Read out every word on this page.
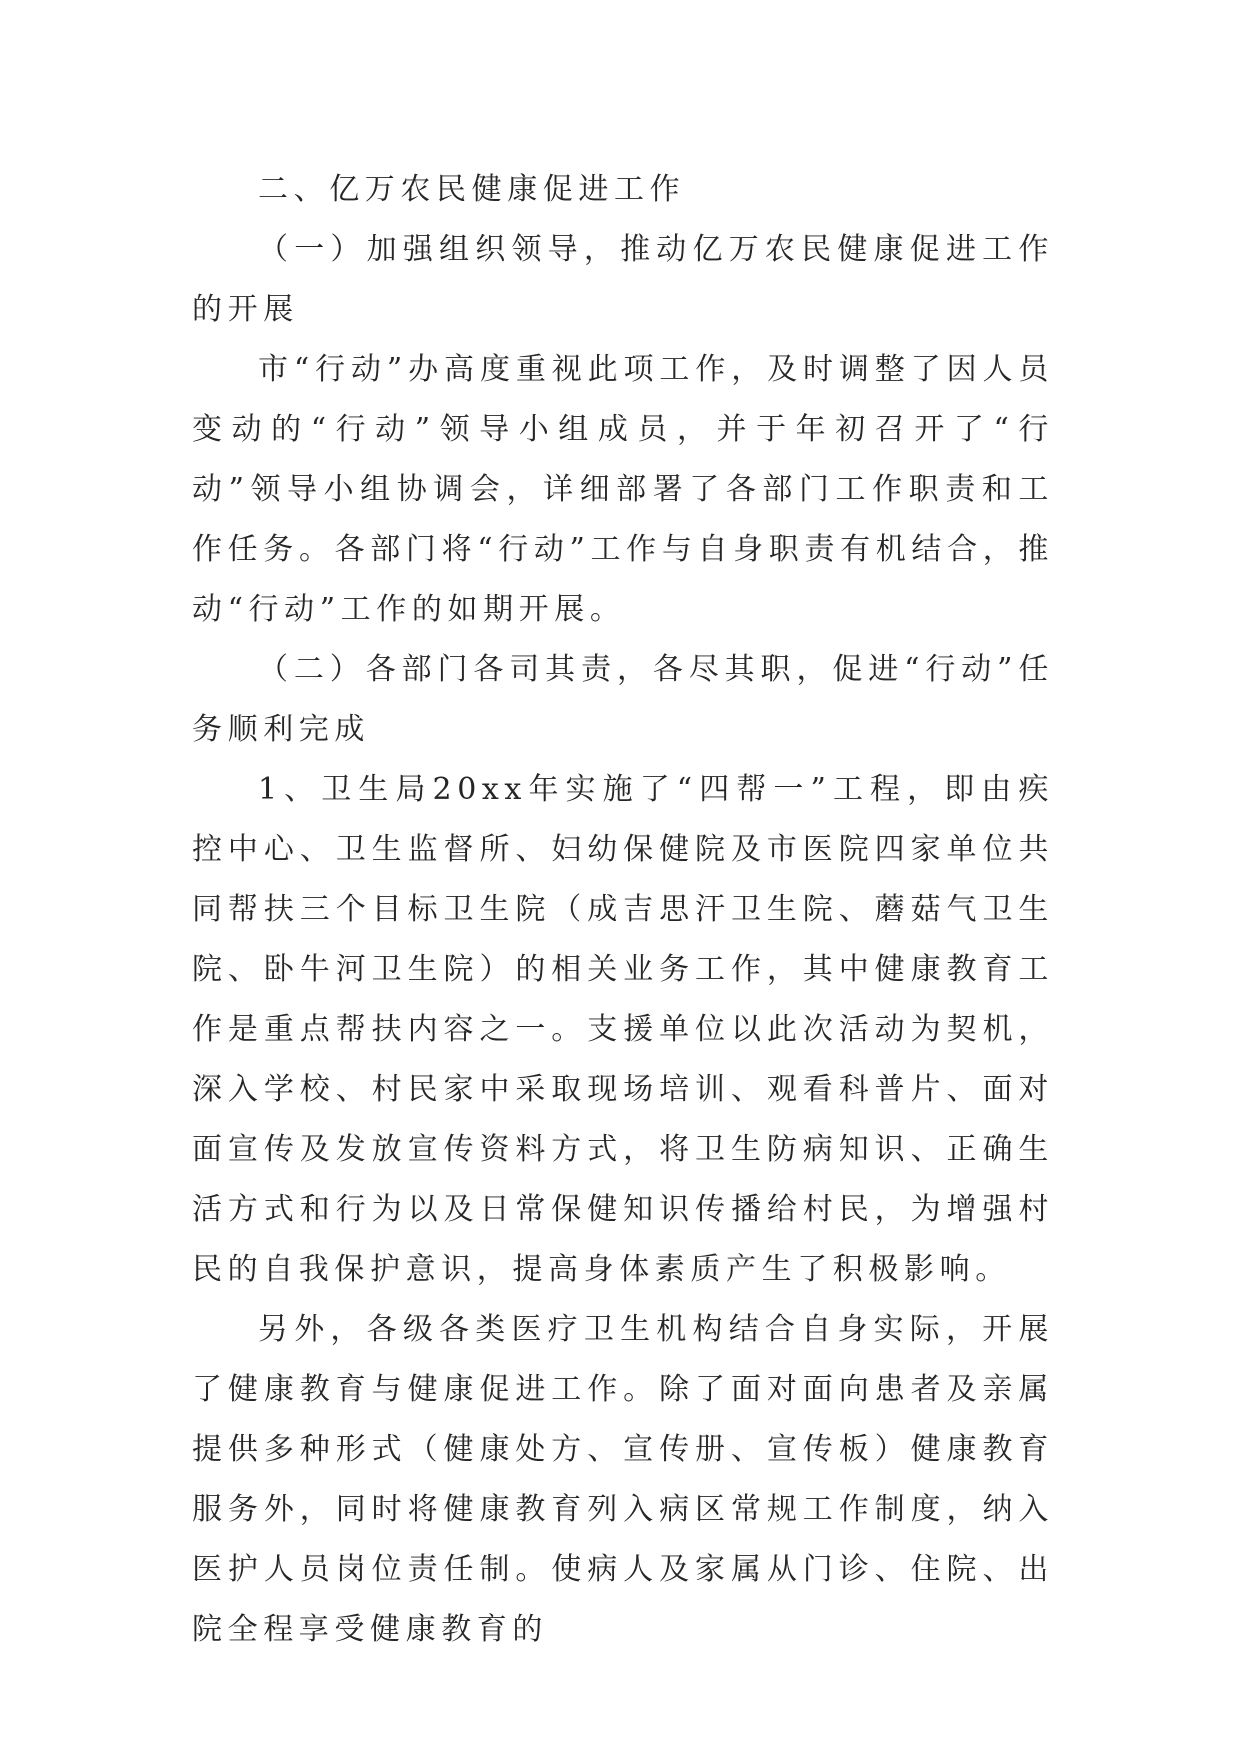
二、亿万农民健康促进工作

（一）加强组织领导，推动亿万农民健康促进工作的开展

市“行动”办高度重视此项工作，及时调整了因人员变动的“行动”领导小组成员，并于年初召开了“行动”领导小组协调会，详细部署了各部门工作职责和工作任务。各部门将“行动”工作与自身职责有机结合，推动“行动”工作的如期开展。

（二）各部门各司其责，各尽其职，促进“行动”任务顺利完成

1、卫生局20xx年实施了“四帮一”工程，即由疾控中心、卫生监督所、妇幼保健院及市医院四家单位共同帮扶三个目标卫生院（成吉思汗卫生院、蘑菇气卫生院、卧牛河卫生院）的相关业务工作，其中健康教育工作是重点帮扶内容之一。支援单位以此次活动为契机，深入学校、村民家中采取现场培训、观看科普片、面对面宣传及发放宣传资料方式，将卫生防病知识、正确生活方式和行为以及日常保健知识传播给村民，为增强村民的自我保护意识，提高身体素质产生了积极影响。

另外，各级各类医疗卫生机构结合自身实际，开展了健康教育与健康促进工作。除了面对面向患者及亲属提供多种形式（健康处方、宣传册、宣传板）健康教育服务外，同时将健康教育列入病区常规工作制度，纳入医护人员岗位责任制。使病人及家属从门诊、住院、出院全程享受健康教育的
